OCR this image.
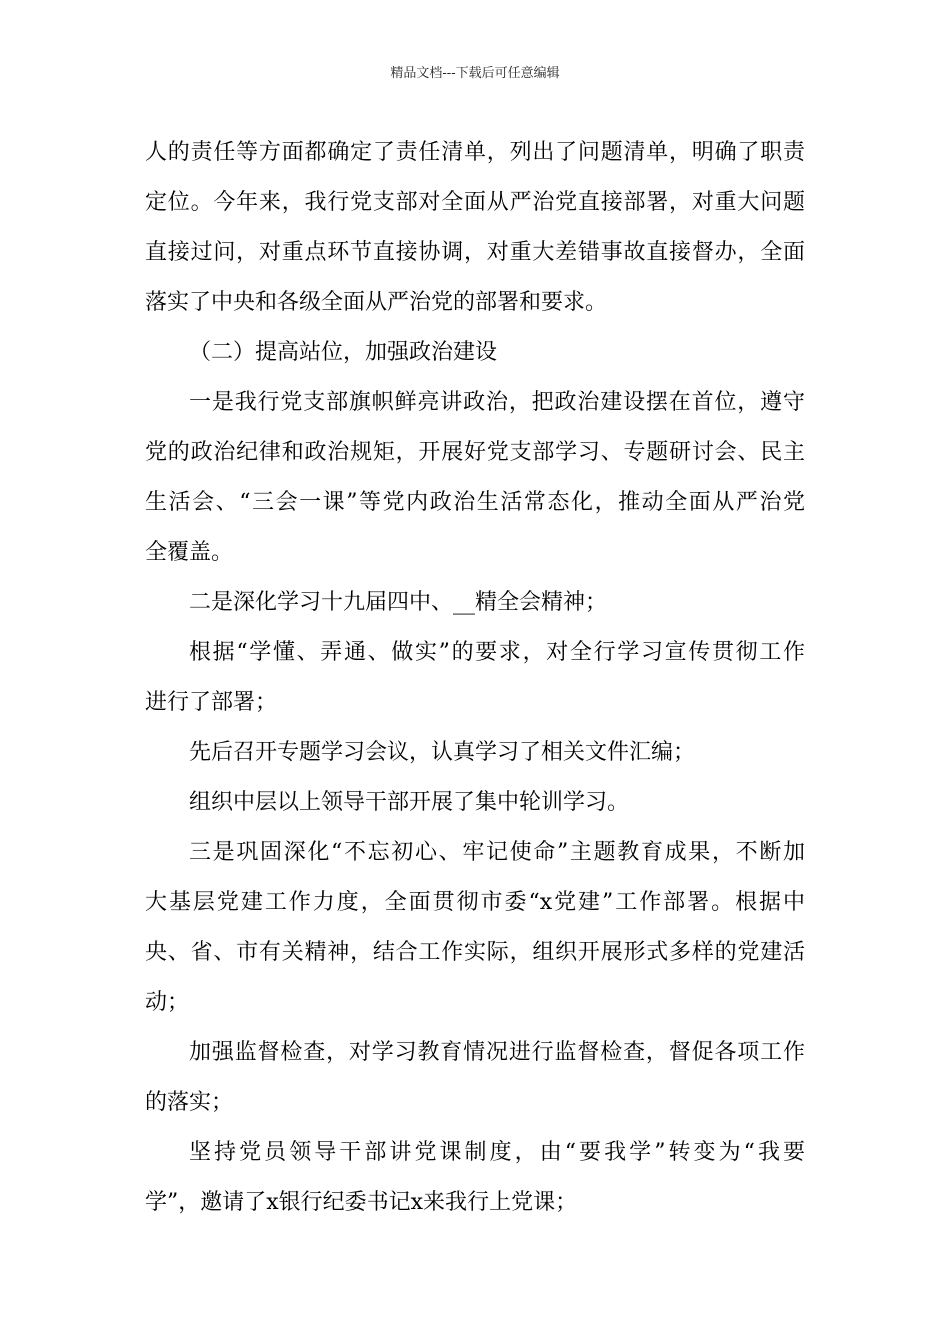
精品文档---下载后可任意编辑
人的责任等方面都确定了责任清单，列出了问题清单，明确了职责
定位。今年来，我行党支部对全面从严治党直接部署，对重大问题
直接过问，对重点环节直接协调，对重大差错事故直接督办，全面
落实了中央和各级全面从严治党的部署和要求。
（二）提高站位，加强政治建设
一是我行党支部旗帜鲜亮讲政治，把政治建设摆在首位，遵守
党的政治纪律和政治规矩，开展好党支部学习、专题研讨会、民主
生活会、“三会一课”等党内政治生活常态化，推动全面从严治党
全覆盖。
二是深化学习十九届四中、__精全会精神；
根据“学懂、弄通、做实”的要求，对全行学习宣传贯彻工作
进行了部署；
先后召开专题学习会议，认真学习了相关文件汇编；
组织中层以上领导干部开展了集中轮训学习。
三是巩固深化“不忘初心、牢记使命”主题教育成果，不断加
大基层党建工作力度，全面贯彻市委“x党建”工作部署。根据中
央、省、市有关精神，结合工作实际，组织开展形式多样的党建活
动；
加强监督检查，对学习教育情况进行监督检查，督促各项工作
的落实；
坚持党员领导干部讲党课制度，由“要我学”转变为“我要
学”，邀请了x银行纪委书记x来我行上党课；
